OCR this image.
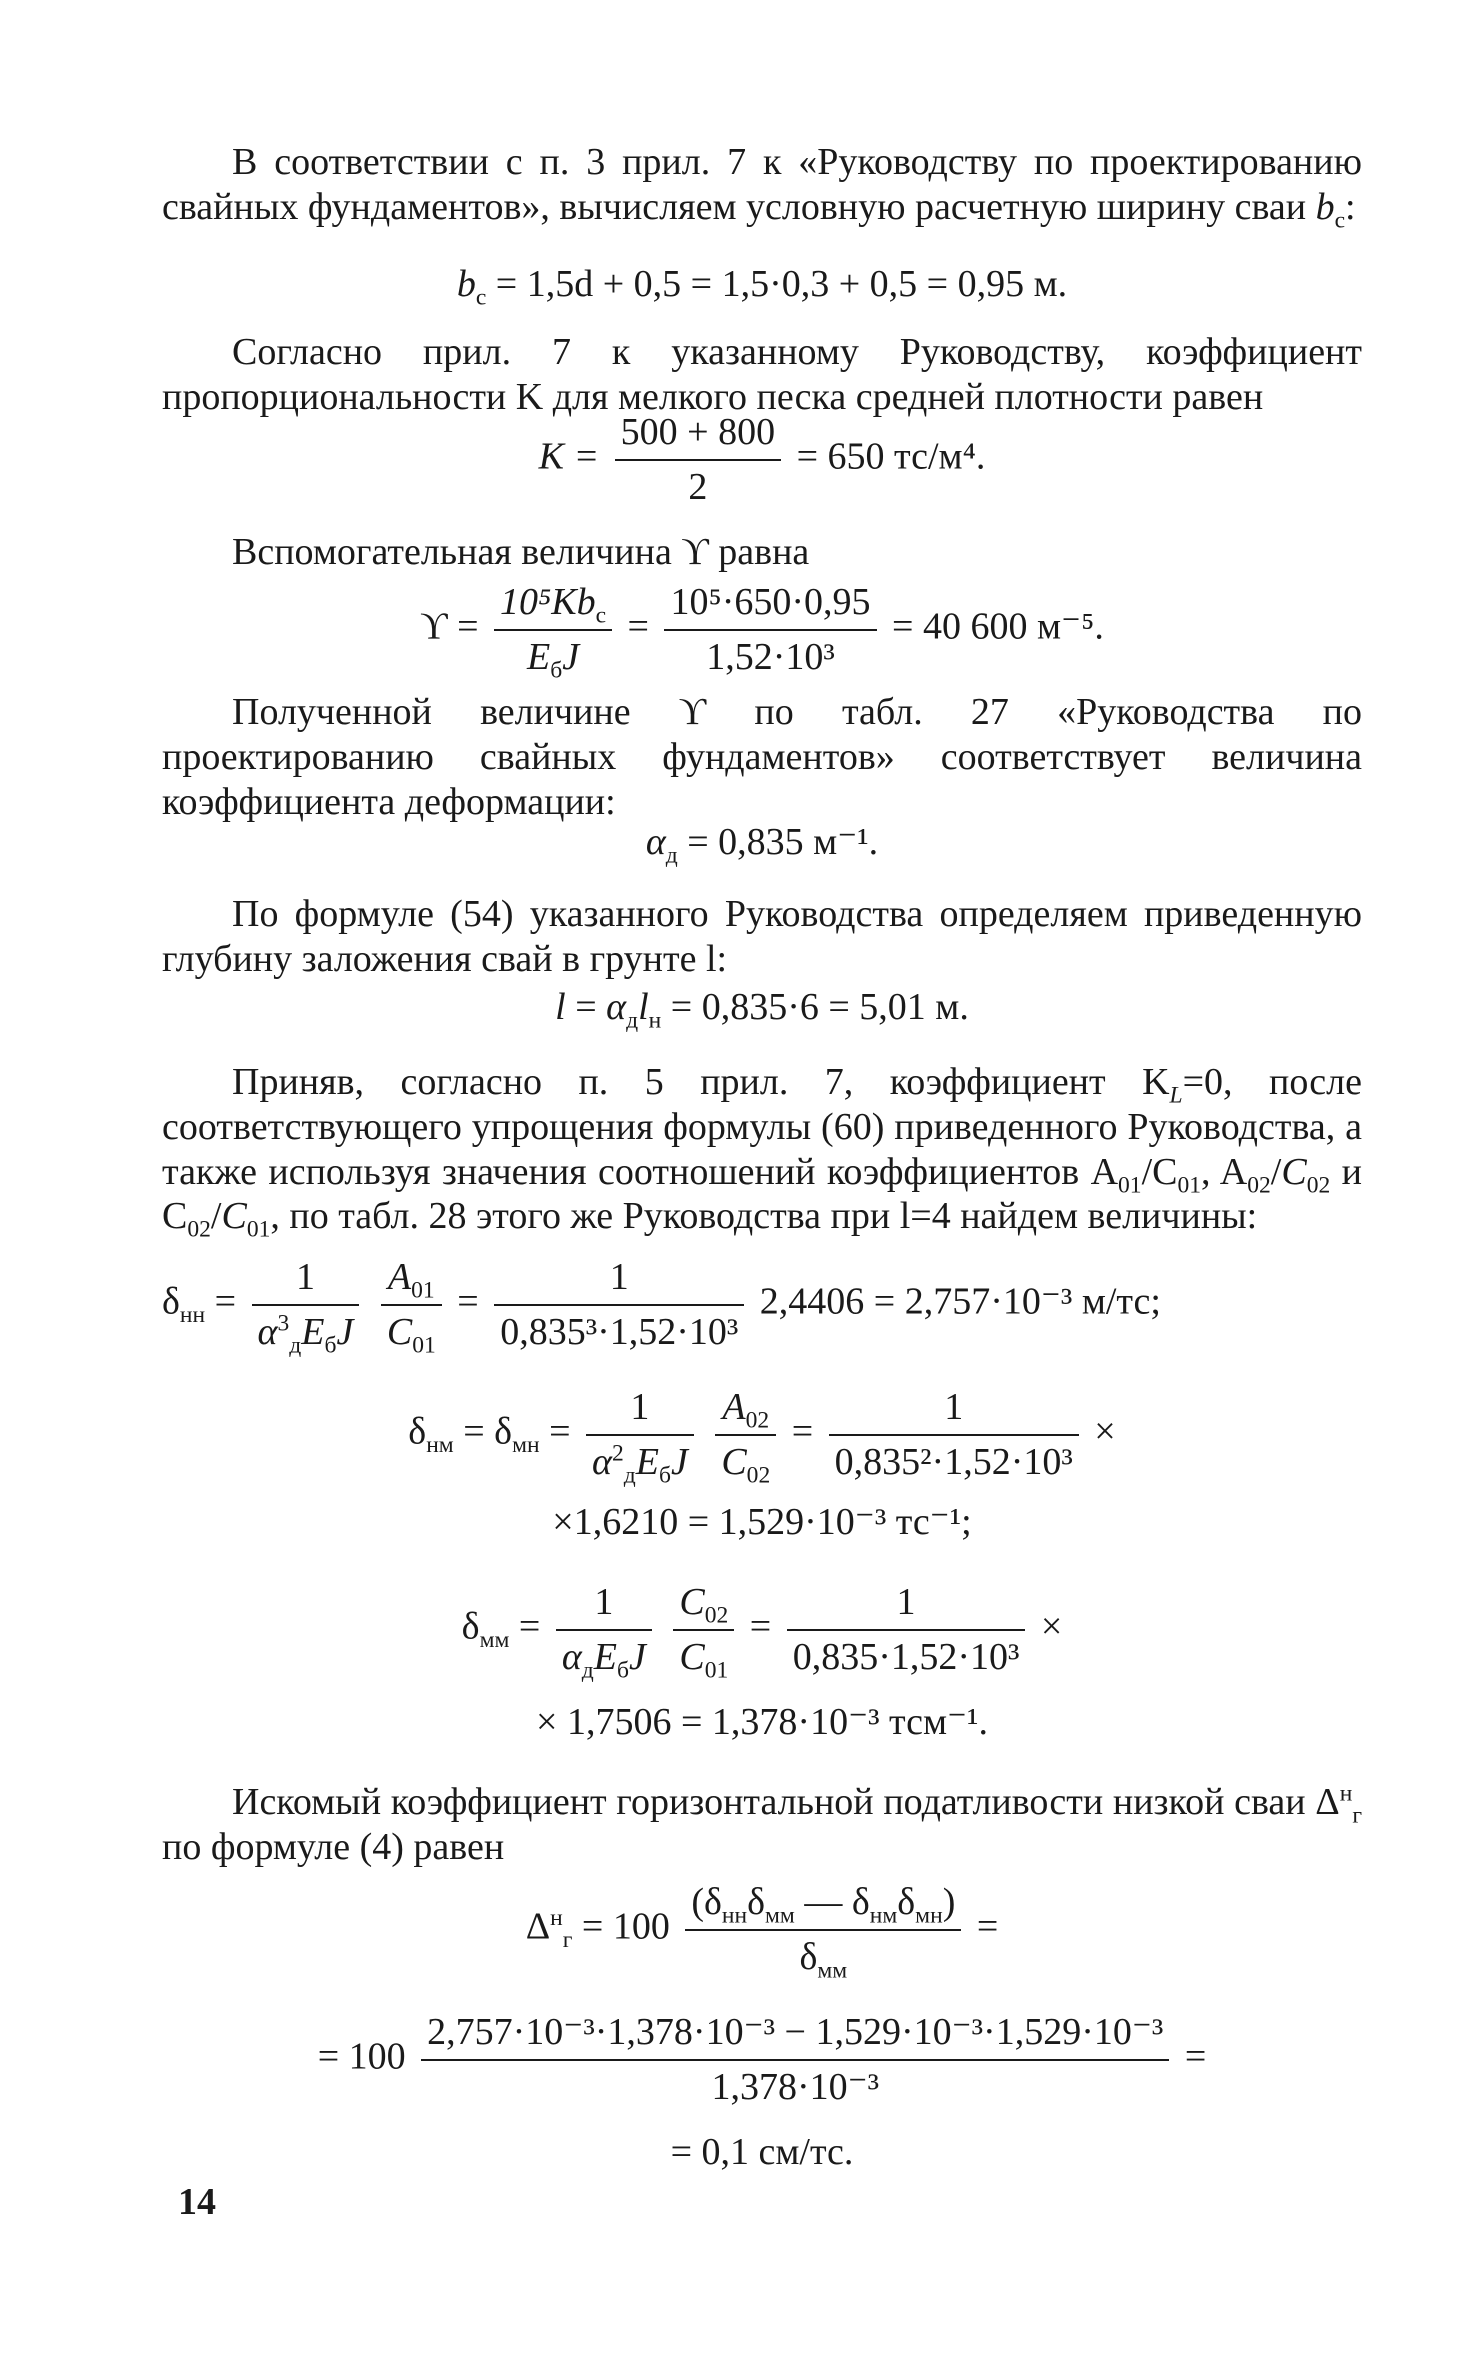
В соответствии с п. 3 прил. 7 к «Руководству по проектированию свайных фундаментов», вычисляем условную расчетную ширину сваи $b_c$:

$b_c = 1,5d + 0,5 = 1,5\cdot 0,3 + 0,5 = 0,95$ м.

Согласно прил. 7 к указанному Руководству, коэффициент пропорциональности K для мелкого песка средней плотности равен

$K = \frac{500 + 800}{2} = 650$ тс/м⁴.

Вспомогательная величина ϒ равна

$ϒ = \frac{10^5Kb_c}{E_бJ} = \frac{\text{10⁵·650·0,95}}{\text{1,52·10³}} = 40$ 600 м⁻⁵.

Полученной величине ϒ по табл. 27 «Руководства по проектированию свайных фундаментов» соответствует величина коэффициента деформации:

$\alpha_д = 0,835$ м⁻¹.

По формуле (54) указанного Руководства определяем приведенную глубину заложения свай в грунте l:

$l = \alpha_дl_н = 0,835\cdot 6 = 5,01$ м.

Приняв, согласно п. 5 прил. 7, коэффициент $K_L=0$, после соответствующего упрощения формулы (60) приведенного Руководства, а также используя значения соотношений коэффициентов $A_{01}/C_{01}$, $A_{02}/C_{02}$ и $C_{02}/C_{01}$, по табл. 28 этого же Руководства при l=4 найдем величины:

$\delta_{нн} = \frac{1}{\alpha^3_дE_бJ}$
$\frac{A_{01}}{C_{01}} = \frac{1}{\text{0,835³·1,52·10³}} 2,4406 = 2,757\cdot 10^{-3}$ м/тс;
$\delta_{нм} = \delta_{мн} = \frac{1}{\alpha^2_дE_бJ}$
$\frac{A_{02}}{C_{02}} = \frac{1}{\text{0,835²·1,52·10³}}$ ×
×1,6210 = 1,529·10⁻³ тс⁻¹;
$\delta_{мм} = \frac{1}{\alpha_дE_бJ}$
$\frac{C_{02}}{C_{01}} = \frac{1}{\text{0,835·1,52·10³}}$ ×
× 1,7506 = 1,378·10⁻³ тсм⁻¹.

Искомый коэффициент горизонтальной податливости низкой сваи $\Delta^н_г$ по формуле (4) равен

$\Delta^н_г = 100 \frac{(\delta_{нн}\delta_{мм} — \delta_{нм}\delta_{мн})}{\delta_{мм}}$ =
= $100 \frac{\text{2,757·10⁻³·1,378·10⁻³ − 1,529·10⁻³·1,529·10⁻³}}{\text{1,378·10⁻³}}$ =
= 0,1 см/тс.
14
